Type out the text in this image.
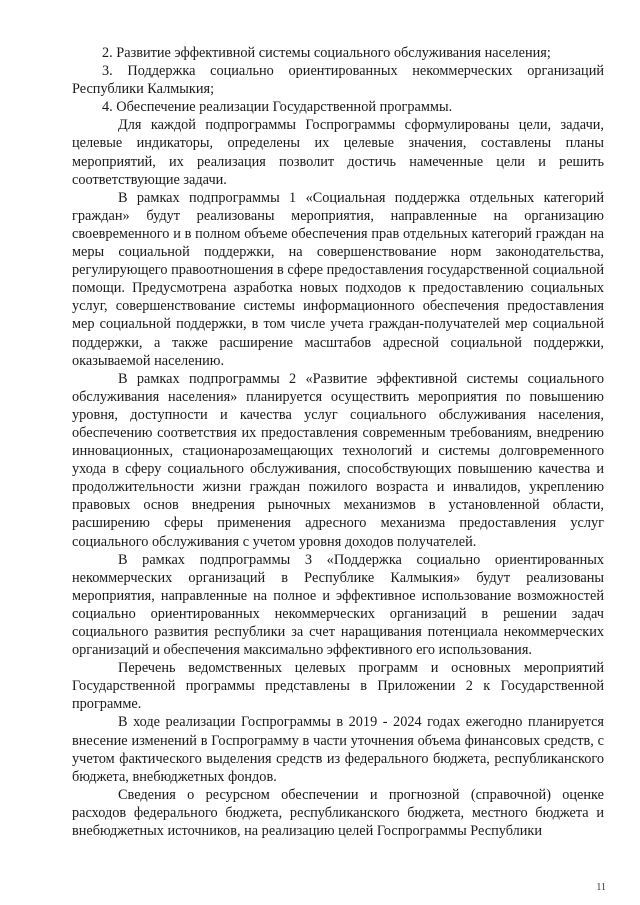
2. Развитие эффективной системы социального обслуживания населения;

3. Поддержка социально ориентированных некоммерческих организаций Республики Калмыкия;

4. Обеспечение реализации Государственной программы.

Для каждой подпрограммы Госпрограммы сформулированы цели, задачи, целевые индикаторы, определены их целевые значения, составлены планы мероприятий, их реализация позволит достичь намеченные цели и решить соответствующие задачи.

В рамках подпрограммы 1 «Социальная поддержка отдельных категорий граждан» будут реализованы мероприятия, направленные на организацию своевременного и в полном объеме обеспечения прав отдельных категорий граждан на меры социальной поддержки, на совершенствование норм законодательства, регулирующего правоотношения в сфере предоставления государственной социальной помощи. Предусмотрена азработка новых подходов к предоставлению социальных услуг, совершенствование системы информационного обеспечения предоставления мер социальной поддержки, в том числе учета граждан-получателей мер социальной поддержки, а также расширение масштабов адресной социальной поддержки, оказываемой населению.

В рамках подпрограммы 2 «Развитие эффективной системы социального обслуживания населения» планируется осуществить мероприятия по повышению уровня, доступности и качества услуг социального обслуживания населения, обеспечению соответствия их предоставления современным требованиям, внедрению инновационных, стационарозамещающих технологий и системы долговременного ухода в сферу социального обслуживания, способствующих повышению качества и продолжительности жизни граждан пожилого возраста и инвалидов, укреплению правовых основ внедрения рыночных механизмов в установленной области, расширению сферы применения адресного механизма предоставления услуг социального обслуживания с учетом уровня доходов получателей.

В рамках подпрограммы 3 «Поддержка социально ориентированных некоммерческих организаций в Республике Калмыкия» будут реализованы мероприятия, направленные на полное и эффективное использование возможностей социально ориентированных некоммерческих организаций в решении задач социального развития республики за счет наращивания потенциала некоммерческих организаций и обеспечения максимально эффективного его использования.

Перечень ведомственных целевых программ и основных мероприятий Государственной программы представлены в Приложении 2 к Государственной программе.

В ходе реализации Госпрограммы в 2019 - 2024 годах ежегодно планируется внесение изменений в Госпрограмму в части уточнения объема финансовых средств, с учетом фактического выделения средств из федерального бюджета, республиканского бюджета, внебюджетных фондов.

Сведения о ресурсном обеспечении и прогнозной (справочной) оценке расходов федерального бюджета, республиканского бюджета, местного бюджета и внебюджетных источников, на реализацию целей Госпрограммы Республики

11
